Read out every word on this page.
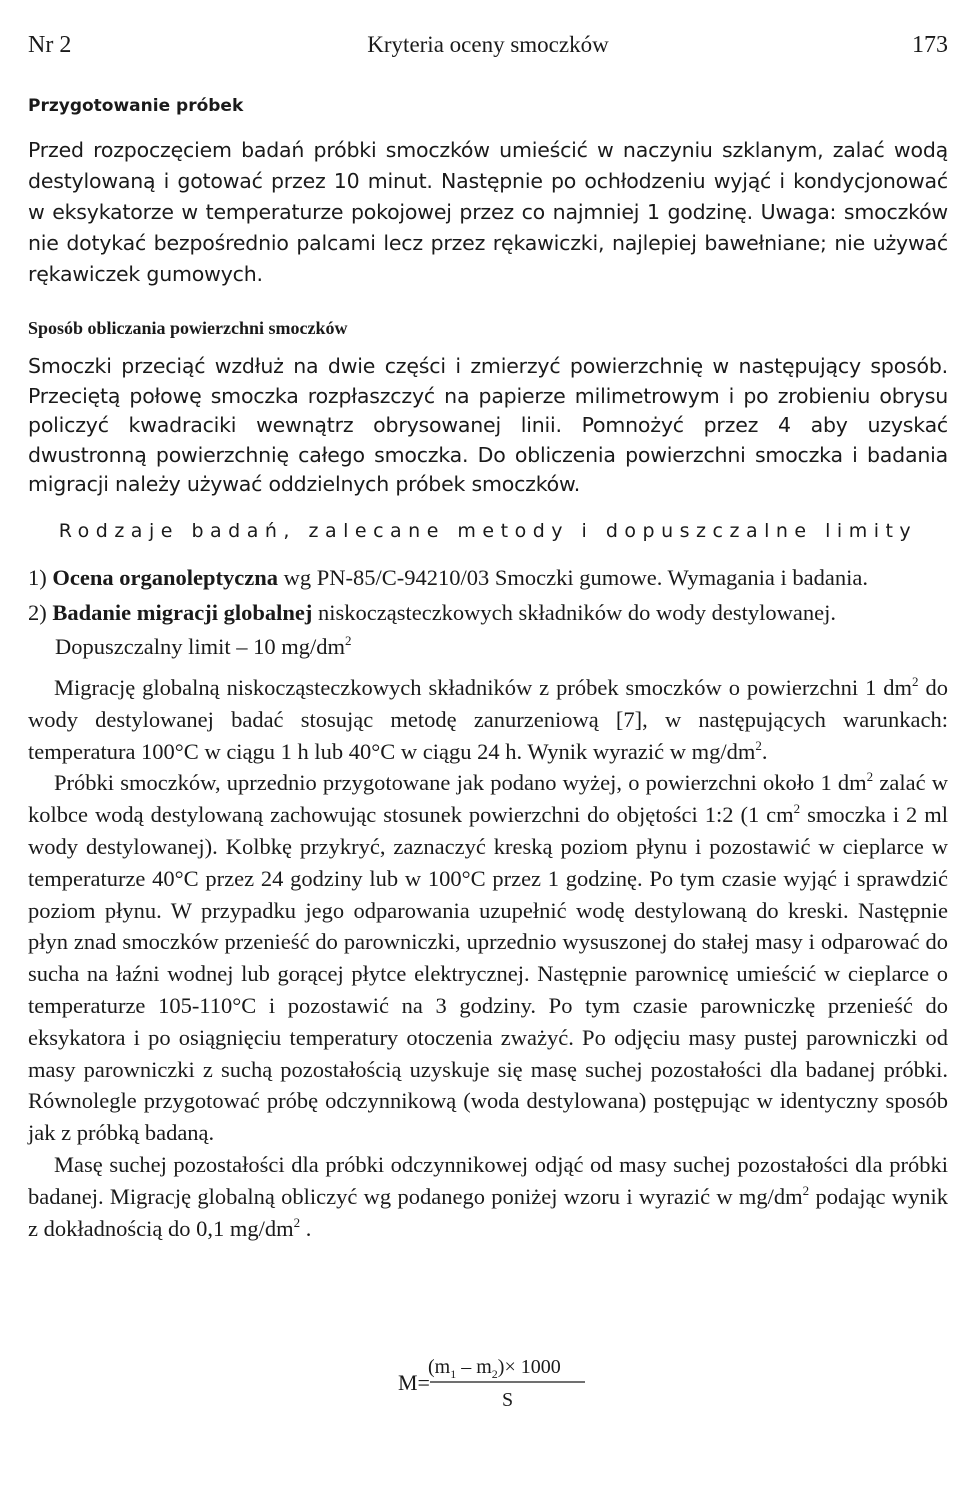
Nr 2	Kryteria oceny smoczków	173
Przygotowanie próbek

Przed rozpoczęciem badań próbki smoczków umieścić w naczyniu szklanym, zalać wodą destylowaną i gotować przez 10 minut. Następnie po ochłodzeniu wyjąć i kondycjonować w eksykatorze w temperaturze pokojowej przez co najmniej 1 godzinę. Uwaga: smoczków nie dotykać bezpośrednio palcami lecz przez rękawiczki, najlepiej bawełniane; nie używać rękawiczek gumowych.

Sposób obliczania powierzchni smoczków

Smoczki przeciąć wzdłuż na dwie części i zmierzyć powierzchnię w następujący sposób. Przeciętą połowę smoczka rozpłaszczyć na papierze milimetrowym i po zrobieniu obrysu policzyć kwadraciki wewnątrz obrysowanej linii. Pomnożyć przez 4 aby uzyskać dwustronną powierzchnię całego smoczka. Do obliczenia powierzchni smoczka i badania migracji należy używać oddzielnych próbek smoczków.

Rodzaje badań, zalecane metody i dopuszczalne limity
1) Ocena organoleptyczna wg PN-85/C-94210/03 Smoczki gumowe. Wymagania i badania.
2) Badanie migracji globalnej niskocząsteczkowych składników do wody destylowanej.
Dopuszczalny limit – 10 $mg/dm^2$

Migrację globalną niskocząsteczkowych składników z próbek smoczków o powierzchni 1 $dm^2$ do wody destylowanej badać stosując metodę zanurzeniową [7], w następujących warunkach: temperatura 100°C w ciągu 1 h lub 40°C w ciągu 24 h. Wynik wyrazić w $mg/dm^2$.

Próbki smoczków, uprzednio przygotowane jak podano wyżej, o powierzchni około 1 $dm^2$ zalać w kolbce wodą destylowaną zachowując stosunek powierzchni do objętości 1:2 (1 $cm^2$ smoczka i 2 ml wody destylowanej). Kolbkę przykryć, zaznaczyć kreską poziom płynu i pozostawić w cieplarce w temperaturze 40°C przez 24 godziny lub w 100°C przez 1 godzinę. Po tym czasie wyjąć i sprawdzić poziom płynu. W przypadku jego odparowania uzupełnić wodę destylowaną do kreski. Następnie płyn znad smoczków przenieść do parowniczki, uprzednio wysuszonej do stałej masy i odparować do sucha na łaźni wodnej lub gorącej płytce elektrycznej. Następnie parownicę umieścić w cieplarce o temperaturze 105-110°C i pozostawić na 3 godziny. Po tym czasie parowniczkę przenieść do eksykatora i po osiągnięciu temperatury otoczenia zważyć. Po odjęciu masy pustej parowniczki od masy parowniczki z suchą pozostałością uzyskuje się masę suchej pozostałości dla badanej próbki. Równolegle przygotować próbę odczynnikową (woda destylowana) postępując w identyczny sposób jak z próbką badaną.

Masę suchej pozostałości dla próbki odczynnikowej odjąć od masy suchej pozostałości dla próbki badanej. Migrację globalną obliczyć wg podanego poniżej wzoru i wyrazić w $mg/dm^2$ podając wynik z dokładnością do 0,1 $mg/dm^2$ .

M=
$(m_1 - m_2)\times 1000$
S
